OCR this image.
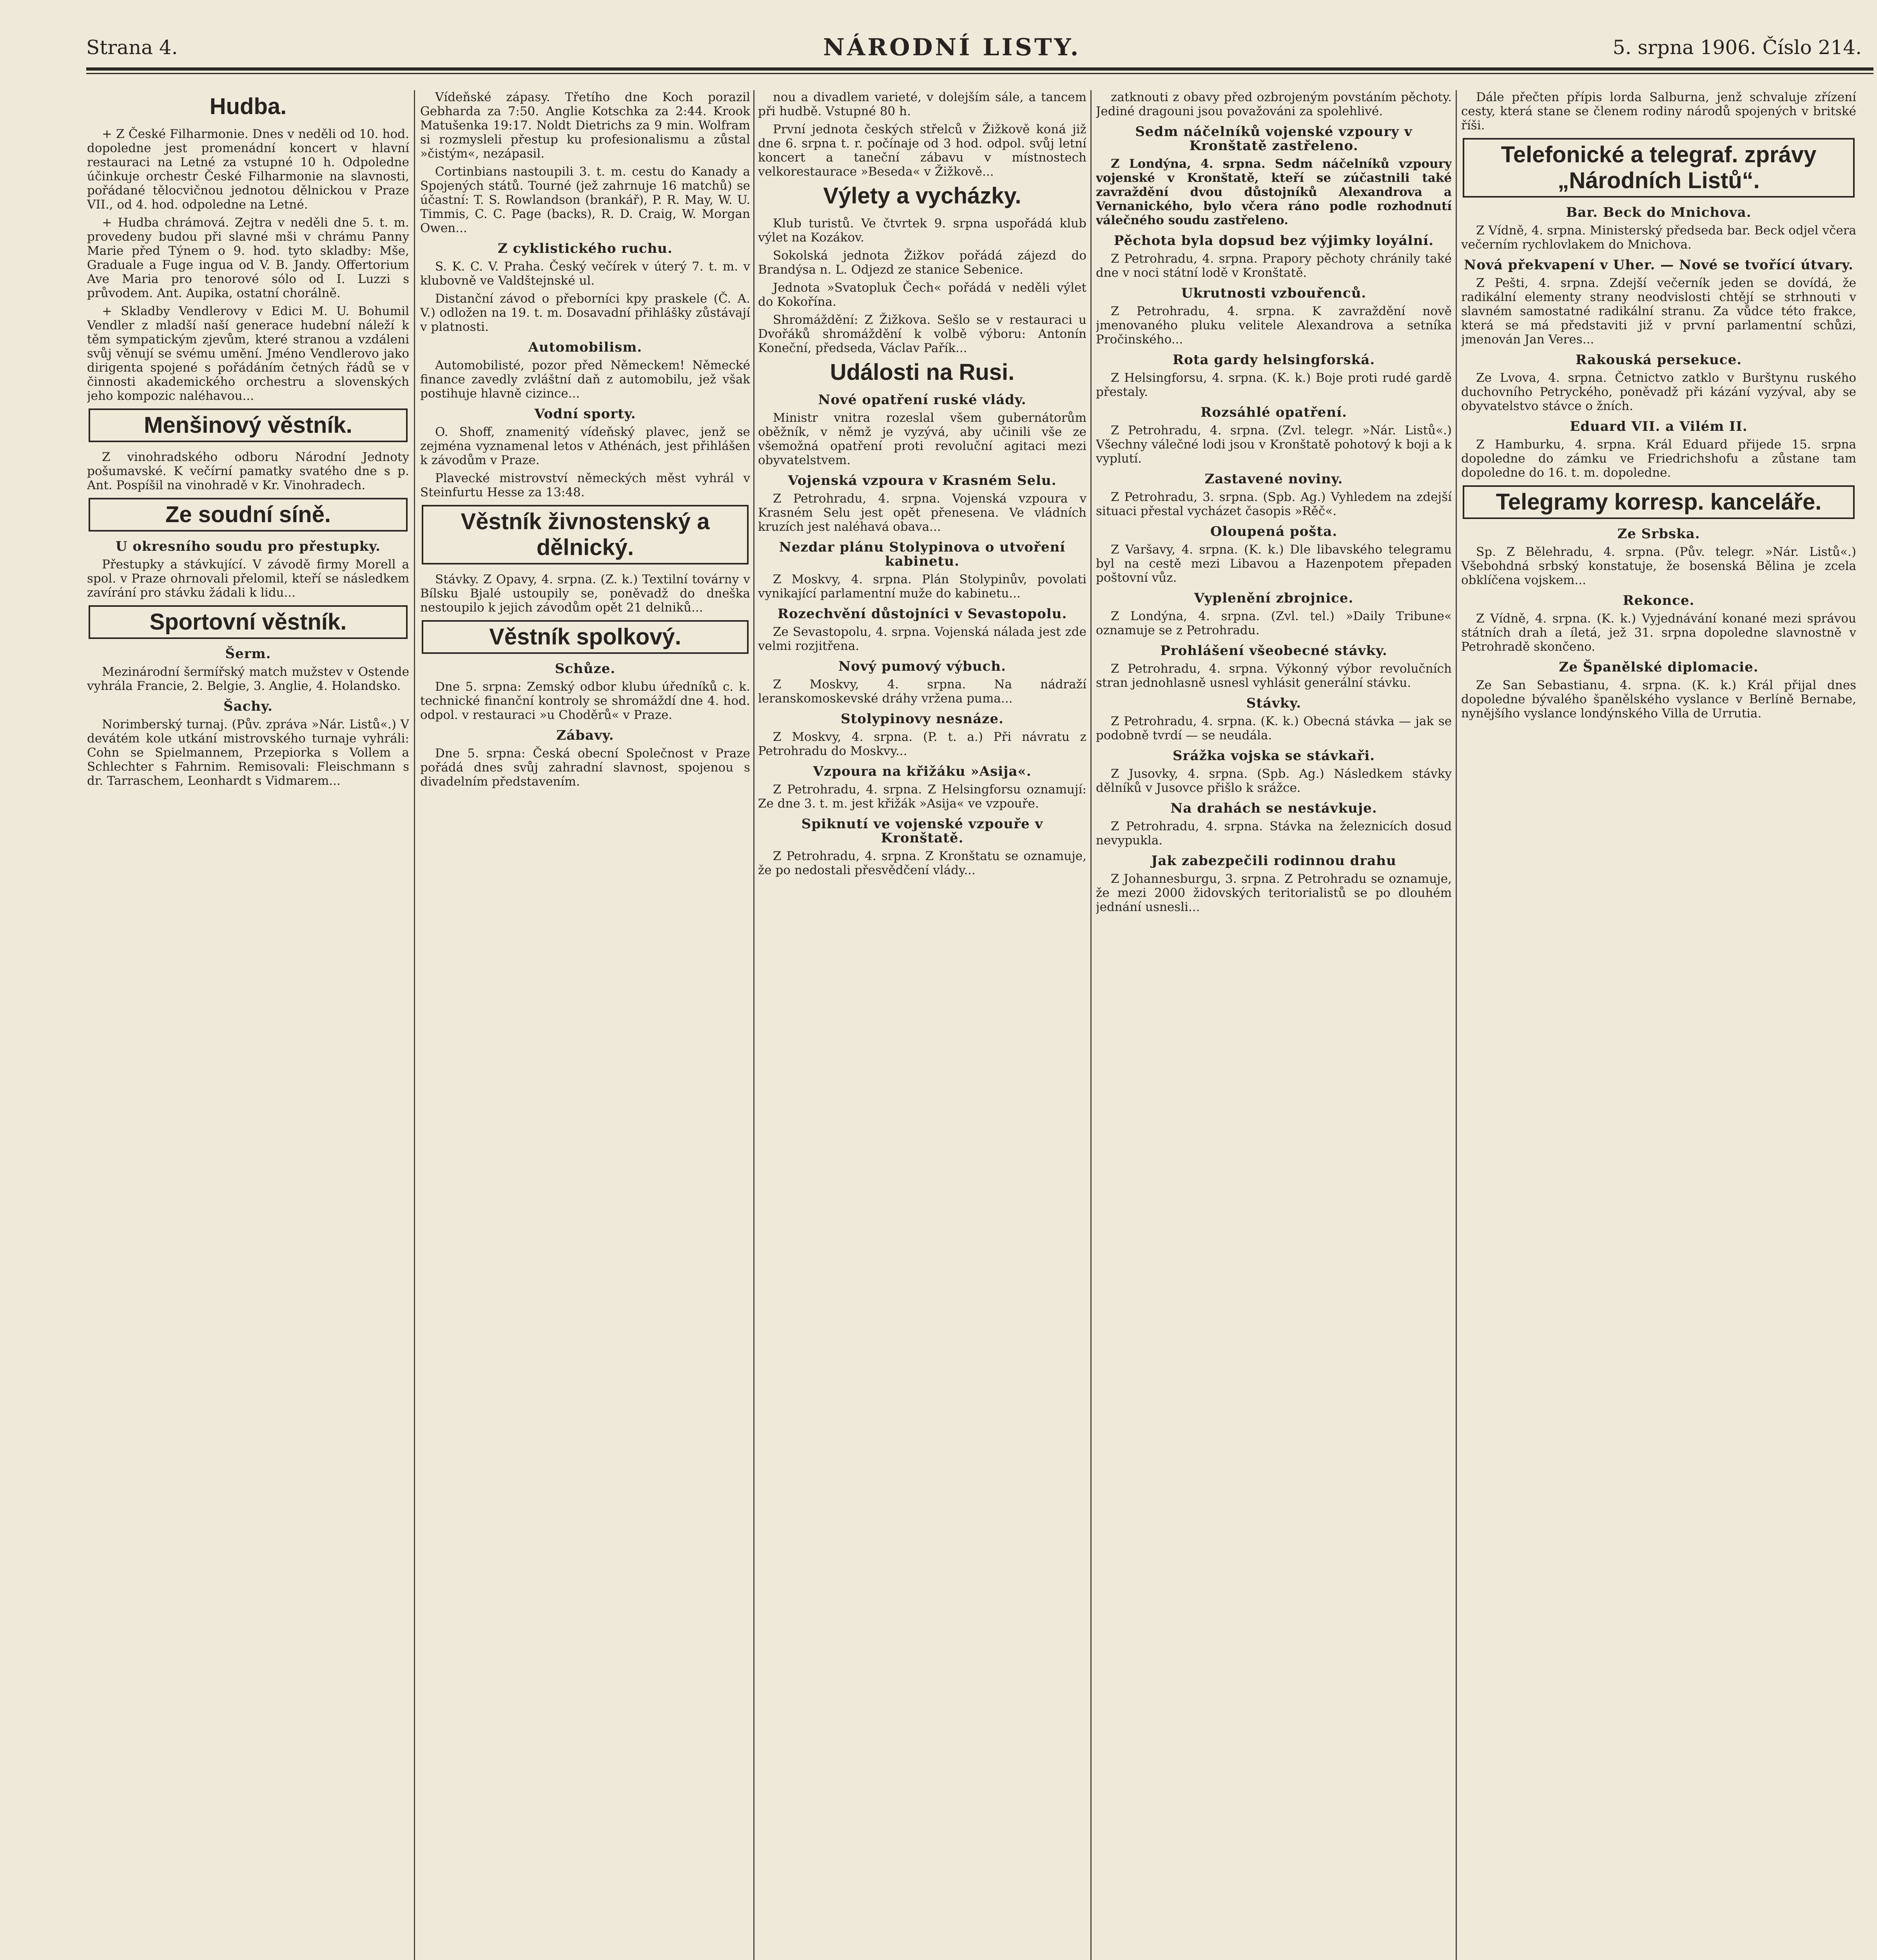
Strana 4.	NÁRODNÍ LISTY.	5. srpna 1906. Číslo 214.
Hudba.

+ Z České Filharmonie. Dnes v neděli od 10. hod. dopoledne jest promenádní koncert v hlavní restauraci na Letné za vstupné 10 h. Odpoledne účinkuje orchestr České Filharmonie na slavnosti, pořádané tělocvičnou jednotou dělnickou v Praze VII., od 4. hod. odpoledne na Letné.

+ Hudba chrámová. Zejtra v neděli dne 5. t. m. provedeny budou při slavné mši v chrámu Panny Marie před Týnem o 9. hod. tyto skladby: Mše, Graduale a Fuge ingua od V. B. Jandy. Offertorium Ave Maria pro tenorové sólo od I. Luzzi s průvodem. Ant. Aupika, ostatní chorálně.

+ Skladby Vendlerovy v Edici M. U. Bohumil Vendler z mladší naší generace hudební náleží k těm sympatickým zjevům, které stranou a vzdáleni svůj věnují se svému umění. Jméno Vendlerovo jako dirigenta spojené s pořádáním četných řádů se v činnosti akademického orchestru a slovenských jeho kompozic naléhavou...

Menšinový věstník.

Z vinohradského odboru Národní Jednoty pošumavské. K večírní pamatky svatého dne s p. Ant. Pospíšil na vinohradě v Kr. Vinohradech.

Ze soudní síně.
U okresního soudu pro přestupky.

Přestupky a stávkující. V závodě firmy Morell a spol. v Praze ohrnovali přelomil, kteří se následkem zavírání pro stávku žádali k lidu...

Sportovní věstník.
Šerm.

Mezinárodní šermířský match mužstev v Ostende vyhrála Francie, 2. Belgie, 3. Anglie, 4. Holandsko.

Šachy.

Norimberský turnaj. (Pův. zpráva »Nár. Listů«.) V devátém kole utkání mistrovského turnaje vyhráli: Cohn se Spielmannem, Przepiorka s Vollem a Schlechter s Fahrnim. Remisovali: Fleischmann s dr. Tarraschem, Leonhardt s Vidmarem...

Vídeňské zápasy. Třetího dne Koch porazil Gebharda za 7:50. Anglie Kotschka za 2:44. Krook Matušenka 19:17. Noldt Dietrichs za 9 min. Wolfram si rozmysleli přestup ku profesionalismu a zůstal »čistým«, nezápasil.

Cortinbians nastoupili 3. t. m. cestu do Kanady a Spojených států. Tourné (jež zahrnuje 16 matchů) se účastní: T. S. Rowlandson (brankář), P. R. May, W. U. Timmis, C. C. Page (backs), R. D. Craig, W. Morgan Owen...

Z cyklistického ruchu.

S. K. C. V. Praha. Český večírek v úterý 7. t. m. v klubovně ve Valdštejnské ul.

Distanční závod o přeborníci kpy praskele (Č. A. V.) odložen na 19. t. m. Dosavadní přihlášky zůstávají v platnosti.

Automobilism.

Automobilisté, pozor před Německem! Německé finance zavedly zvláštní daň z automobilu, jež však postihuje hlavně cizince...

Vodní sporty.

O. Shoff, znamenitý vídeňský plavec, jenž se zejména vyznamenal letos v Athénách, jest přihlášen k závodům v Praze.

Plavecké mistrovství německých měst vyhrál v Steinfurtu Hesse za 13:48.

Věstník živnostenský a dělnický.

Stávky. Z Opavy, 4. srpna. (Z. k.) Textilní továrny v Bílsku Bjalé ustoupily se, poněvadž do dneška nestoupilo k jejich závodům opět 21 delniků...

Věstník spolkový.
Schůze.

Dne 5. srpna: Zemský odbor klubu úředníků c. k. technické finanční kontroly se shromáždí dne 4. hod. odpol. v restauraci »u Choděrů« v Praze.

Zábavy.

Dne 5. srpna: Česká obecní Společnost v Praze pořádá dnes svůj zahradní slavnost, spojenou s divadelním představením.

nou a divadlem varieté, v dolejším sále, a tancem při hudbě. Vstupné 80 h.

První jednota českých střelců v Žižkově koná již dne 6. srpna t. r. počínaje od 3 hod. odpol. svůj letní koncert a taneční zábavu v místnostech velkorestaurace »Beseda« v Žižkově...

Výlety a vycházky.

Klub turistů. Ve čtvrtek 9. srpna uspořádá klub výlet na Kozákov.

Sokolská jednota Žižkov pořádá zájezd do Brandýsa n. L. Odjezd ze stanice Sebenice.

Jednota »Svatopluk Čech« pořádá v neděli výlet do Kokořína.

Shromáždění: Z Žižkova. Sešlo se v restauraci u Dvořáků shromáždění k volbě výboru: Antonín Koneční, předseda, Václav Pařík...

Události na Rusi.
Nové opatření ruské vlády.

Ministr vnitra rozeslal všem gubernátorům oběžník, v němž je vyzývá, aby učinili vše ze všemožná opatření proti revoluční agitaci mezi obyvatelstvem.

Vojenská vzpoura v Krasném Selu.

Z Petrohradu, 4. srpna. Vojenská vzpoura v Krasném Selu jest opět přenesena. Ve vládních kruzích jest naléhavá obava...

Nezdar plánu Stolypinova o utvoření kabinetu.

Z Moskvy, 4. srpna. Plán Stolypinův, povolati vynikající parlamentní muže do kabinetu...

Rozechvění důstojníci v Sevastopolu.

Ze Sevastopolu, 4. srpna. Vojenská nálada jest zde velmi rozjitřena.

Nový pumový výbuch.

Z Moskvy, 4. srpna. Na nádraží leranskomoskevské dráhy vržena puma...

Stolypinovy nesnáze.

Z Moskvy, 4. srpna. (P. t. a.) Při návratu z Petrohradu do Moskvy...

Vzpoura na křižáku »Asija«.

Z Petrohradu, 4. srpna. Z Helsingforsu oznamují: Ze dne 3. t. m. jest křižák »Asija« ve vzpouře.

Spiknutí ve vojenské vzpouře v Kronštatě.

Z Petrohradu, 4. srpna. Z Kronštatu se oznamuje, že po nedostali přesvědčení vlády...

zatknouti z obavy před ozbrojeným povstáním pěchoty. Jediné dragouni jsou považováni za spolehlivé.

Sedm náčelníků vojenské vzpoury v Kronštatě zastřeleno.

Z Londýna, 4. srpna. Sedm náčelníků vzpoury vojenské v Kronštatě, kteří se zúčastnili také zavraždění dvou důstojníků Alexandrova a Vernanického, bylo včera ráno podle rozhodnutí válečného soudu zastřeleno.

Pěchota byla dopsud bez výjimky loyální.

Z Petrohradu, 4. srpna. Prapory pěchoty chránily také dne v noci státní lodě v Kronštatě.

Ukrutnosti vzbouřenců.

Z Petrohradu, 4. srpna. K zavraždění nově jmenovaného pluku velitele Alexandrova a setníka Pročinského...

Rota gardy helsingforská.

Z Helsingforsu, 4. srpna. (K. k.) Boje proti rudé gardě přestaly.

Rozsáhlé opatření.

Z Petrohradu, 4. srpna. (Zvl. telegr. »Nár. Listů«.) Všechny válečné lodi jsou v Kronštatě pohotový k boji a k vyplutí.

Zastavené noviny.

Z Petrohradu, 3. srpna. (Spb. Ag.) Vyhledem na zdejší situaci přestal vycházet časopis »Rěč«.

Oloupená pošta.

Z Varšavy, 4. srpna. (K. k.) Dle libavského telegramu byl na cestě mezi Libavou a Hazenpotem přepaden poštovní vůz.

Vyplenění zbrojnice.

Z Londýna, 4. srpna. (Zvl. tel.) »Daily Tribune« oznamuje se z Petrohradu.

Prohlášení všeobecné stávky.

Z Petrohradu, 4. srpna. Výkonný výbor revolučních stran jednohlasně usnesl vyhlásit generální stávku.

Stávky.

Z Petrohradu, 4. srpna. (K. k.) Obecná stávka — jak se podobně tvrdí — se neudála.

Srážka vojska se stávkaři.

Z Jusovky, 4. srpna. (Spb. Ag.) Následkem stávky dělníků v Jusovce přišlo k srážce.

Na drahách se nestávkuje.

Z Petrohradu, 4. srpna. Stávka na železnicích dosud nevypukla.

Jak zabezpečili rodinnou drahu

Z Johannesburgu, 3. srpna. Z Petrohradu se oznamuje, že mezi 2000 židovských teritorialistů se po dlouhém jednání usnesli...

Dále přečten přípis lorda Salburna, jenž schvaluje zřízení cesty, která stane se členem rodiny národů spojených v britské říši.

Telefonické a telegraf. zprávy „Národních Listů“.
Bar. Beck do Mnichova.

Z Vídně, 4. srpna. Ministerský předseda bar. Beck odjel včera večerním rychlovlakem do Mnichova.

Nová překvapení v Uher. — Nové se tvořící útvary.

Z Pešti, 4. srpna. Zdejší večerník jeden se dovídá, že radikální elementy strany neodvislosti chtějí se strhnouti v slavném samostatné radikální stranu. Za vůdce této frakce, která se má představiti již v první parlamentní schůzi, jmenován Jan Veres...

Rakouská persekuce.

Ze Lvova, 4. srpna. Četnictvo zatklo v Burštynu ruského duchovního Petryckého, poněvadž při kázání vyzýval, aby se obyvatelstvo stávce o žních.

Eduard VII. a Vilém II.

Z Hamburku, 4. srpna. Král Eduard přijede 15. srpna dopoledne do zámku ve Friedrichshofu a zůstane tam dopoledne do 16. t. m. dopoledne.

Telegramy korresp. kanceláře.
Ze Srbska.

Sp. Z Bělehradu, 4. srpna. (Pův. telegr. »Nár. Listů«.) Všebohdná srbský konstatuje, že bosenská Bělina je zcela obklíčena vojskem...

Rekonce.

Z Vídně, 4. srpna. (K. k.) Vyjednávání konané mezi správou státních drah a íletá, jež 31. srpna dopoledne slavnostně v Petrohradě skončeno.

Ze Španělské diplomacie.

Ze San Sebastianu, 4. srpna. (K. k.) Král přijal dnes dopoledne bývalého španělského vyslance v Berlíně Bernabe, nynějšího vyslance londýnského Villa de Urrutia.
